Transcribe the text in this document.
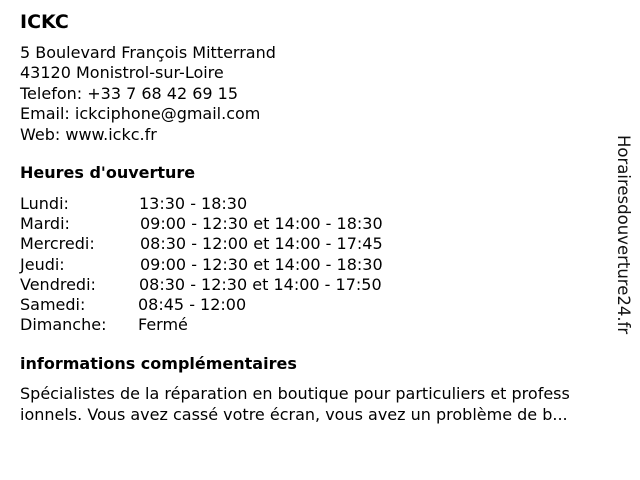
ICKC
5 Boulevard François Mitterrand
43120 Monistrol-sur-Loire
Telefon: +33 7 68 42 69 15
Email: ickciphone@gmail.com
Web: www.ickc.fr
Heures d'ouverture
Lundi:	13:30 - 18:30
Mardi:	09:00 - 12:30 et 14:00 - 18:30
Mercredi:	08:30 - 12:00 et 14:00 - 17:45
Jeudi:	09:00 - 12:30 et 14:00 - 18:30
Vendredi:	08:30 - 12:30 et 14:00 - 17:50
Samedi:	08:45 - 12:00
Dimanche:	Fermé
informations complémentaires
Spécialistes de la réparation en boutique pour particuliers et profess
ionnels. Vous avez cassé votre écran, vous avez un problème de b...
Horairesdouverture24.fr
